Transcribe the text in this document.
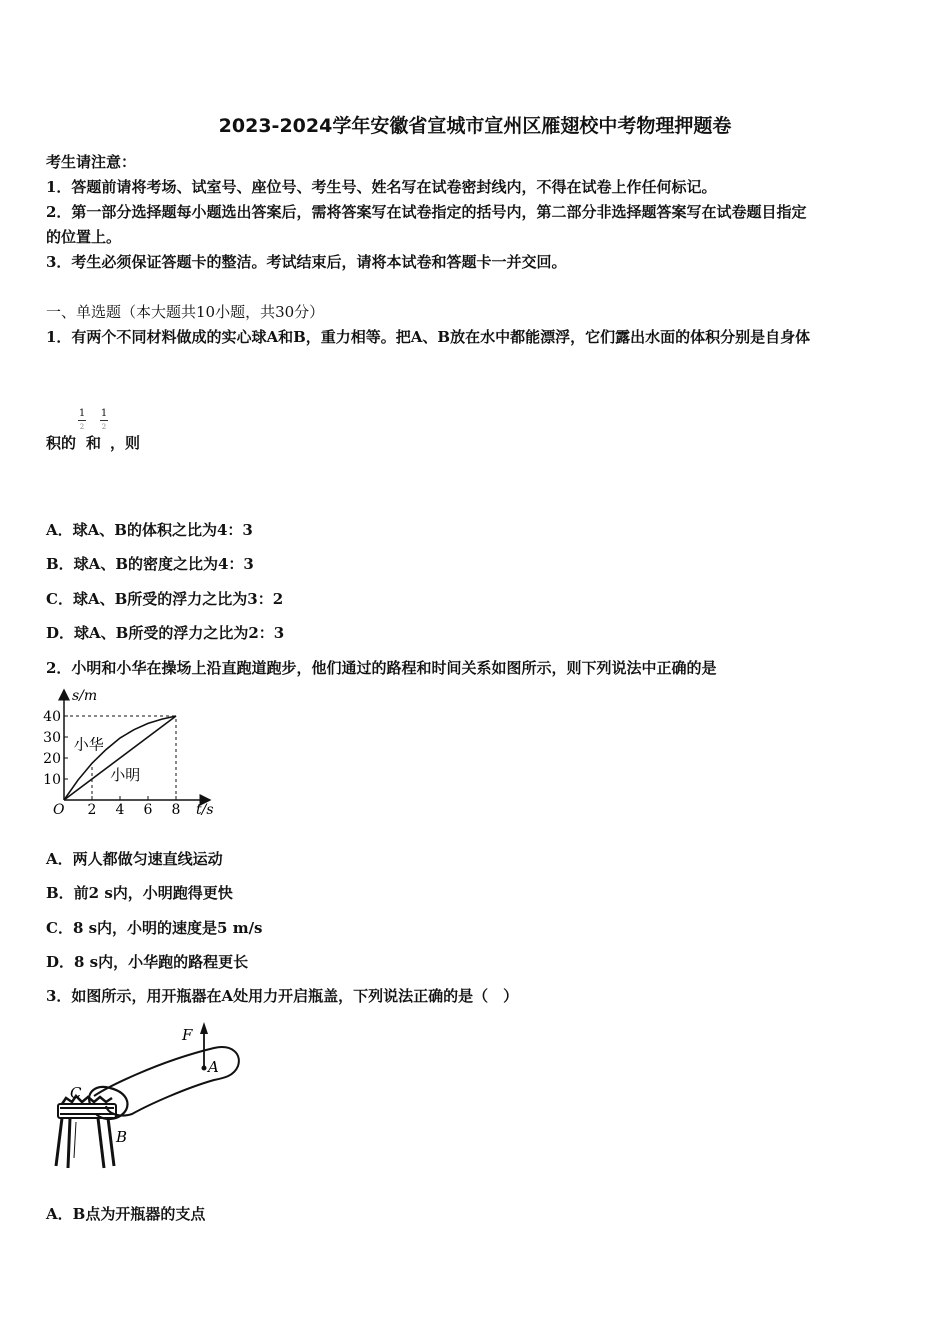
2023-2024学年安徽省宣城市宣州区雁翅校中考物理押题卷
考生请注意：
1．答题前请将考场、试室号、座位号、考生号、姓名写在试卷密封线内，不得在试卷上作任何标记。
2．第一部分选择题每小题选出答案后，需将答案写在试卷指定的括号内，第二部分非选择题答案写在试卷题目指定
的位置上。
3．考生必须保证答题卡的整洁。考试结束后，请将本试卷和答题卡一并交回。
一、单选题（本大题共10小题，共30分）
1．有两个不同材料做成的实心球A和B，重力相等。把A、B放在水中都能漂浮，它们露出水面的体积分别是自身体
积的
1
2
和
1
2
，则
A．球A、B的体积之比为4：3
B．球A、B的密度之比为4：3
C．球A、B所受的浮力之比为3：2
D．球A、B所受的浮力之比为2：3
2．小明和小华在操场上沿直跑道跑步，他们通过的路程和时间关系如图所示，则下列说法中正确的是
2 4 6 8
10
20
30
40
O
s/m
t/s
小华
小明
A．两人都做匀速直线运动
B．前2 s内，小明跑得更快
C．8 s内，小明的速度是5 m/s
D．8 s内，小华跑的路程更长
3．如图所示，用开瓶器在A处用力开启瓶盖，下列说法正确的是（　）
F
A
C
B
A．B点为开瓶器的支点
